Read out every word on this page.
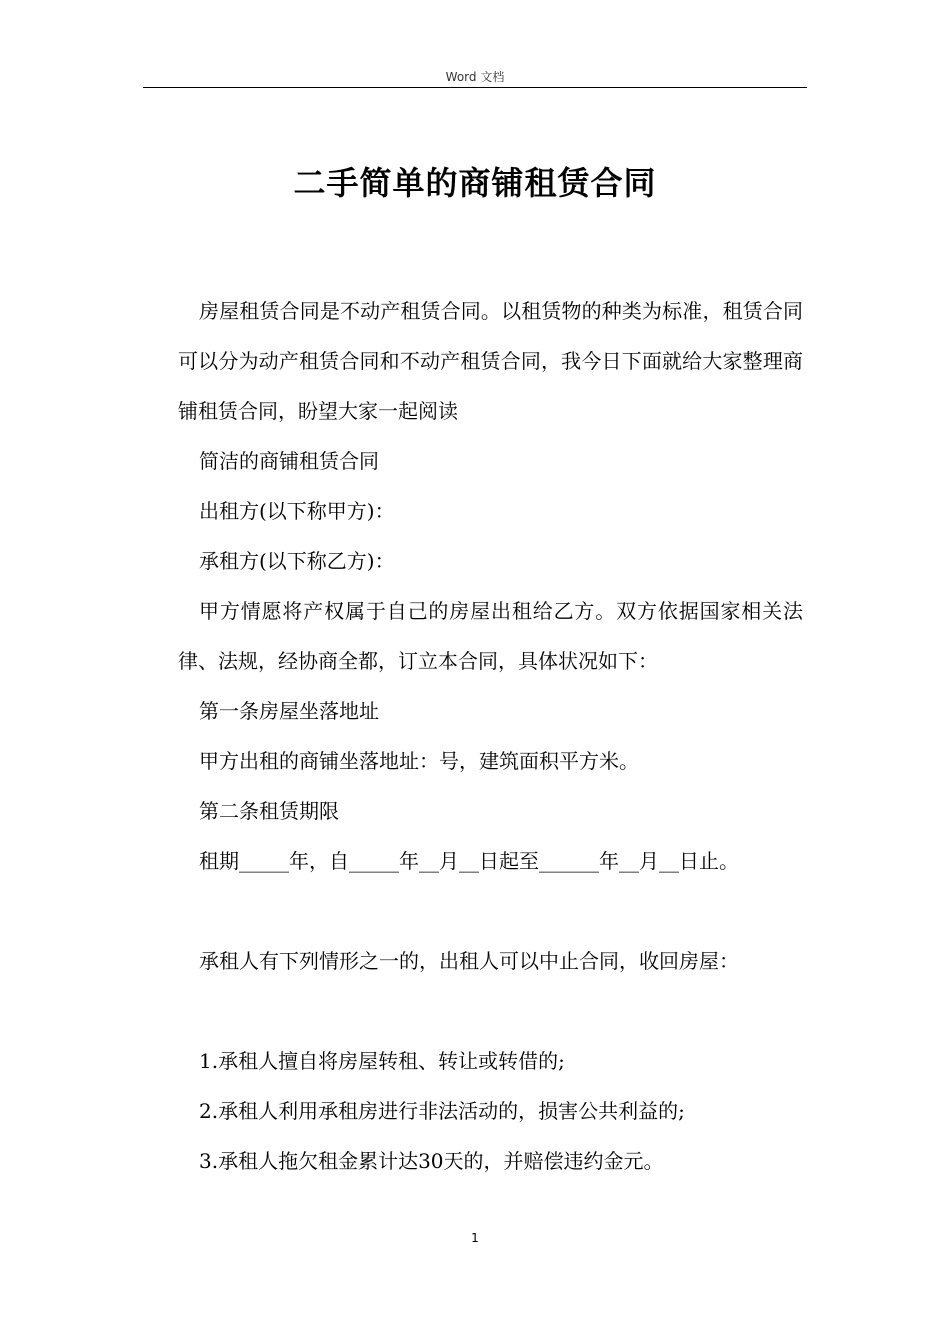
Word 文档
二手简单的商铺租赁合同

房屋租赁合同是不动产租赁合同。以租赁物的种类为标准，租赁合同可以分为动产租赁合同和不动产租赁合同，我今日下面就给大家整理商铺租赁合同，盼望大家一起阅读

简洁的商铺租赁合同

出租方(以下称甲方)：

承租方(以下称乙方)：

甲方情愿将产权属于自己的房屋出租给乙方。双方依据国家相关法律、法规，经协商全都，订立本合同，具体状况如下：

第一条房屋坐落地址

甲方出租的商铺坐落地址：号，建筑面积平方米。

第二条租赁期限

租期_____年，自_____年__月__日起至______年__月__日止。

承租人有下列情形之一的，出租人可以中止合同，收回房屋：

1.承租人擅自将房屋转租、转让或转借的;

2.承租人利用承租房进行非法活动的，损害公共利益的;

3.承租人拖欠租金累计达30天的，并赔偿违约金元。

1
